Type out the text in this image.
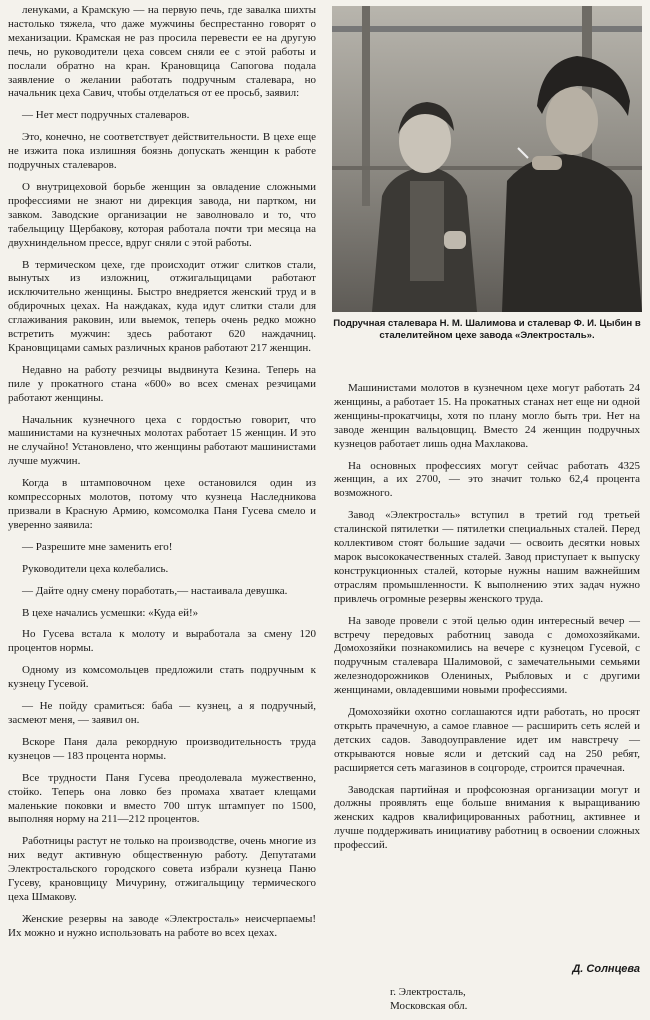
ленуками, а Крамскую — на первую печь, где завалка шихты настолько тяжела, что даже мужчины беспрестанно говорят о механизации. Крамская не раз просила перевести ее на другую печь, но руководители цеха совсем сняли ее с этой работы и послали обратно на кран. Крановщица Сапогова подала заявление о желании работать подручным сталевара, но начальник цеха Савич, чтобы отделаться от ее просьб, заявил:

— Нет мест подручных сталеваров.

Это, конечно, не соответствует действительности. В цехе еще не изжита пока излишняя боязнь допускать женщин к работе подручных сталеваров.

О внутрицеховой борьбе женщин за овладение сложными профессиями не знают ни дирекция завода, ни партком, ни завком. Заводские организации не заволновало и то, что табельщицу Щербакову, которая работала почти три месяца на двухниндельном прессе, вдруг сняли с этой работы.

В термическом цехе, где происходит отжиг слитков стали, вынутых из изложниц, отжигальщицами работают исключительно женщины. Быстро внедряется женский труд и в обдирочных цехах. На наждаках, куда идут слитки стали для сглаживания раковин, или выемок, теперь очень редко можно встретить мужчин: здесь работают 620 наждачниц. Крановщицами самых различных кранов работают 217 женщин.

Недавно на работу резчицы выдвинута Кезина. Теперь на пиле у прокатного стана «600» во всех сменах резчицами работают женщины.

Начальник кузнечного цеха с гордостью говорит, что машинистами на кузнечных молотах работает 15 женщин. И это не случайно! Установлено, что женщины работают машинистами лучше мужчин.

Когда в штамповочном цехе остановился один из компрессорных молотов, потому что кузнеца Наследникова призвали в Красную Армию, комсомолка Паня Гусева смело и уверенно заявила:

— Разрешите мне заменить его!

Руководители цеха колебались.

— Дайте одну смену поработать,— настаивала девушка.

В цехе начались усмешки: «Куда ей!»

Но Гусева встала к молоту и выработала за смену 120 процентов нормы.

Одному из комсомольцев предложили стать подручным к кузнецу Гусевой.

— Не пойду срамиться: баба — кузнец, а я подручный, засмеют меня, — заявил он.

Вскоре Паня дала рекордную производительность труда кузнецов — 183 процента нормы.

Все трудности Паня Гусева преодолевала мужественно, стойко. Теперь она ловко без промаха хватает клещами маленькие поковки и вместо 700 штук штампует по 1500, выполняя норму на 211—212 процентов.

Работницы растут не только на производстве, очень многие из них ведут активную общественную работу. Депутатами Электростальского городского совета избрали кузнеца Паню Гусеву, крановщицу Мичурину, отжигальщицу термического цеха Шмакову.

Женские резервы на заводе «Электросталь» неисчерпаемы! Их можно и нужно использовать на работе во всех цехах.

Подручная сталевара Н. М. Шалимова и сталевар Ф. И. Цыбин в сталелитейном цехе завода «Электросталь».

Машинистами молотов в кузнечном цехе могут работать 24 женщины, а работает 15. На прокатных станах нет еще ни одной женщины-прокатчицы, хотя по плану могло быть три. Нет на заводе женщин вальцовщиц. Вместо 24 женщин подручных кузнецов работает лишь одна Махлакова.

На основных профессиях могут сейчас работать 4325 женщин, а их 2700, — это значит только 62,4 процента возможного.

Завод «Электросталь» вступил в третий год третьей сталинской пятилетки — пятилетки специальных сталей. Перед коллективом стоят большие задачи — освоить десятки новых марок высококачественных сталей. Завод приступает к выпуску конструкционных сталей, которые нужны нашим важнейшим отраслям промышленности. К выполнению этих задач нужно привлечь огромные резервы женского труда.

На заводе провели с этой целью один интересный вечер — встречу передовых работниц завода с домохозяйками. Домохозяйки познакомились на вечере с кузнецом Гусевой, с подручным сталевара Шалимовой, с замечательными семьями железнодорожников Олениных, Рыбловых и с другими женщинами, овладевшими новыми профессиями.

Домохозяйки охотно соглашаются идти работать, но просят открыть прачечную, а самое главное — расширить сеть яслей и детских садов. Заводоуправление идет им навстречу — открываются новые ясли и детский сад на 250 ребят, расширяется сеть магазинов в соцгороде, строится прачечная.

Заводская партийная и профсоюзная организации могут и должны проявлять еще больше внимания к выращиванию женских кадров квалифицированных работниц, активнее и лучше поддерживать инициативу работниц в освоении сложных профессий.

Д. Солнцева
г. Электросталь,
Московская обл.
